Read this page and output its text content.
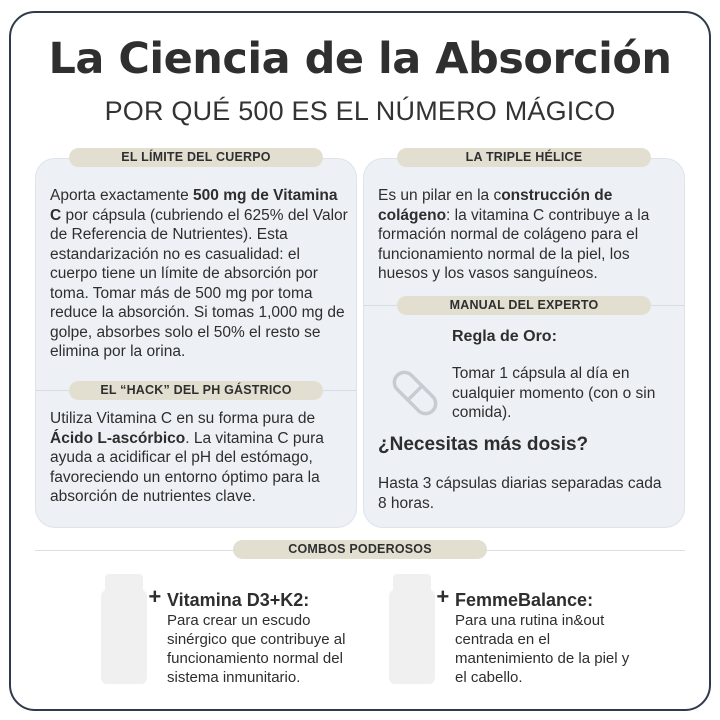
La Ciencia de la Absorción
POR QUÉ 500 ES EL NÚMERO MÁGICO
EL LÍMITE DEL CUERPO
Aporta exactamente 500 mg de Vitamina C por cápsula (cubriendo el 625% del Valor de Referencia de Nutrientes). Esta estandarización no es casualidad: el cuerpo tiene un límite de absorción por toma. Tomar más de 500 mg por toma reduce la absorción. Si tomas 1,000 mg de golpe, absorbes solo el 50% el resto se elimina por la orina.
EL “HACK” DEL PH GÁSTRICO
Utiliza Vitamina C en su forma pura de Ácido L-ascórbico. La vitamina C pura ayuda a acidificar el pH del estómago, favoreciendo un entorno óptimo para la absorción de nutrientes clave.
LA TRIPLE HÉLICE
Es un pilar en la construcción de colágeno: la vitamina C contribuye a la formación normal de colágeno para el funcionamiento normal de la piel, los huesos y los vasos sanguíneos.
MANUAL DEL EXPERTO
Regla de Oro:
Tomar 1 cápsula al día en cualquier momento (con o sin comida).
¿Necesitas más dosis?
Hasta 3 cápsulas diarias separadas cada 8 horas.
COMBOS PODEROSOS
+ Vitamina D3+K2:
Para crear un escudo sinérgico que contribuye al funcionamiento normal del sistema inmunitario.
+ FemmeBalance:
Para una rutina in&out centrada en el mantenimiento de la piel y el cabello.
